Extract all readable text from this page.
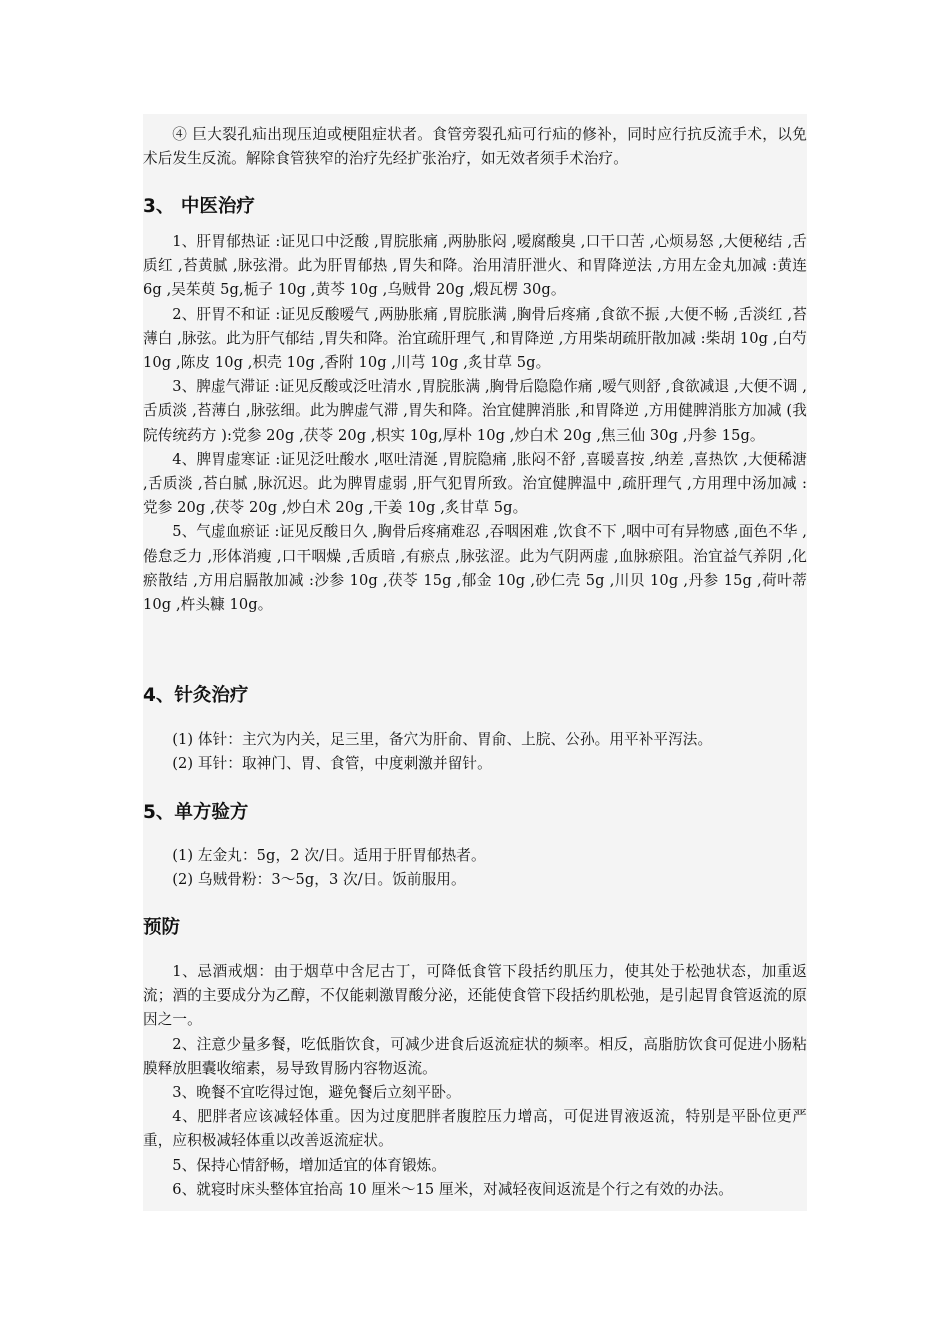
④ 巨大裂孔疝出现压迫或梗阻症状者。食管旁裂孔疝可行疝的修补，同时应行抗反流手术，以免术后发生反流。解除食管狭窄的治疗先经扩张治疗，如无效者须手术治疗。

3、 中医治疗

1、肝胃郁热证 :证见口中泛酸 ,胃脘胀痛 ,两胁胀闷 ,嗳腐酸臭 ,口干口苦 ,心烦易怒 ,大便秘结 ,舌质红 ,苔黄腻 ,脉弦滑。此为肝胃郁热 ,胃失和降。治用清肝泄火、和胃降逆法 ,方用左金丸加减 :黄连 6g ,吴茱萸 5g,栀子 10g ,黄芩 10g ,乌贼骨 20g ,煅瓦楞 30g。

2、肝胃不和证 :证见反酸嗳气 ,两胁胀痛 ,胃脘胀满 ,胸骨后疼痛 ,食欲不振 ,大便不畅 ,舌淡红 ,苔薄白 ,脉弦。此为肝气郁结 ,胃失和降。治宜疏肝理气 ,和胃降逆 ,方用柴胡疏肝散加减 :柴胡 10g ,白芍 10g ,陈皮 10g ,枳壳 10g ,香附 10g ,川芎 10g ,炙甘草 5g。

3、脾虚气滞证 :证见反酸或泛吐清水 ,胃脘胀满 ,胸骨后隐隐作痛 ,嗳气则舒 ,食欲减退 ,大便不调 ,舌质淡 ,苔薄白 ,脉弦细。此为脾虚气滞 ,胃失和降。治宜健脾消胀 ,和胃降逆 ,方用健脾消胀方加减 (我院传统药方 ):党参 20g ,茯苓 20g ,枳实 10g,厚朴 10g ,炒白术 20g ,焦三仙 30g ,丹参 15g。

4、脾胃虚寒证 :证见泛吐酸水 ,呕吐清涎 ,胃脘隐痛 ,胀闷不舒 ,喜暖喜按 ,纳差 ,喜热饮 ,大便稀溏 ,舌质淡 ,苔白腻 ,脉沉迟。此为脾胃虚弱 ,肝气犯胃所致。治宜健脾温中 ,疏肝理气 ,方用理中汤加减 :党参 20g ,茯苓 20g ,炒白术 20g ,干姜 10g ,炙甘草 5g。

5、气虚血瘀证 :证见反酸日久 ,胸骨后疼痛难忍 ,吞咽困难 ,饮食不下 ,咽中可有异物感 ,面色不华 ,倦怠乏力 ,形体消瘦 ,口干咽燥 ,舌质暗 ,有瘀点 ,脉弦涩。此为气阴两虚 ,血脉瘀阻。治宜益气养阴 ,化瘀散结 ,方用启膈散加减 :沙参 10g ,茯苓 15g ,郁金 10g ,砂仁壳 5g ,川贝 10g ,丹参 15g ,荷叶蒂 10g ,杵头糠 10g。

4、针灸治疗

(1) 体针：主穴为内关，足三里，备穴为肝俞、胃俞、上脘、公孙。用平补平泻法。

(2) 耳针：取神门、胃、食管，中度刺激并留针。

5、单方验方

(1) 左金丸：5g，2 次/日。适用于肝胃郁热者。

(2) 乌贼骨粉：3～5g，3 次/日。饭前服用。

预防

1、忌酒戒烟：由于烟草中含尼古丁，可降低食管下段括约肌压力，使其处于松弛状态，加重返流；酒的主要成分为乙醇，不仅能刺激胃酸分泌，还能使食管下段括约肌松弛，是引起胃食管返流的原因之一。

2、注意少量多餐，吃低脂饮食，可减少进食后返流症状的频率。相反，高脂肪饮食可促进小肠粘膜释放胆囊收缩素，易导致胃肠内容物返流。

3、晚餐不宜吃得过饱，避免餐后立刻平卧。

4、肥胖者应该减轻体重。因为过度肥胖者腹腔压力增高，可促进胃液返流，特别是平卧位更严重，应积极减轻体重以改善返流症状。

5、保持心情舒畅，增加适宜的体育锻炼。

6、就寝时床头整体宜抬高 10 厘米～15 厘米，对减轻夜间返流是个行之有效的办法。
